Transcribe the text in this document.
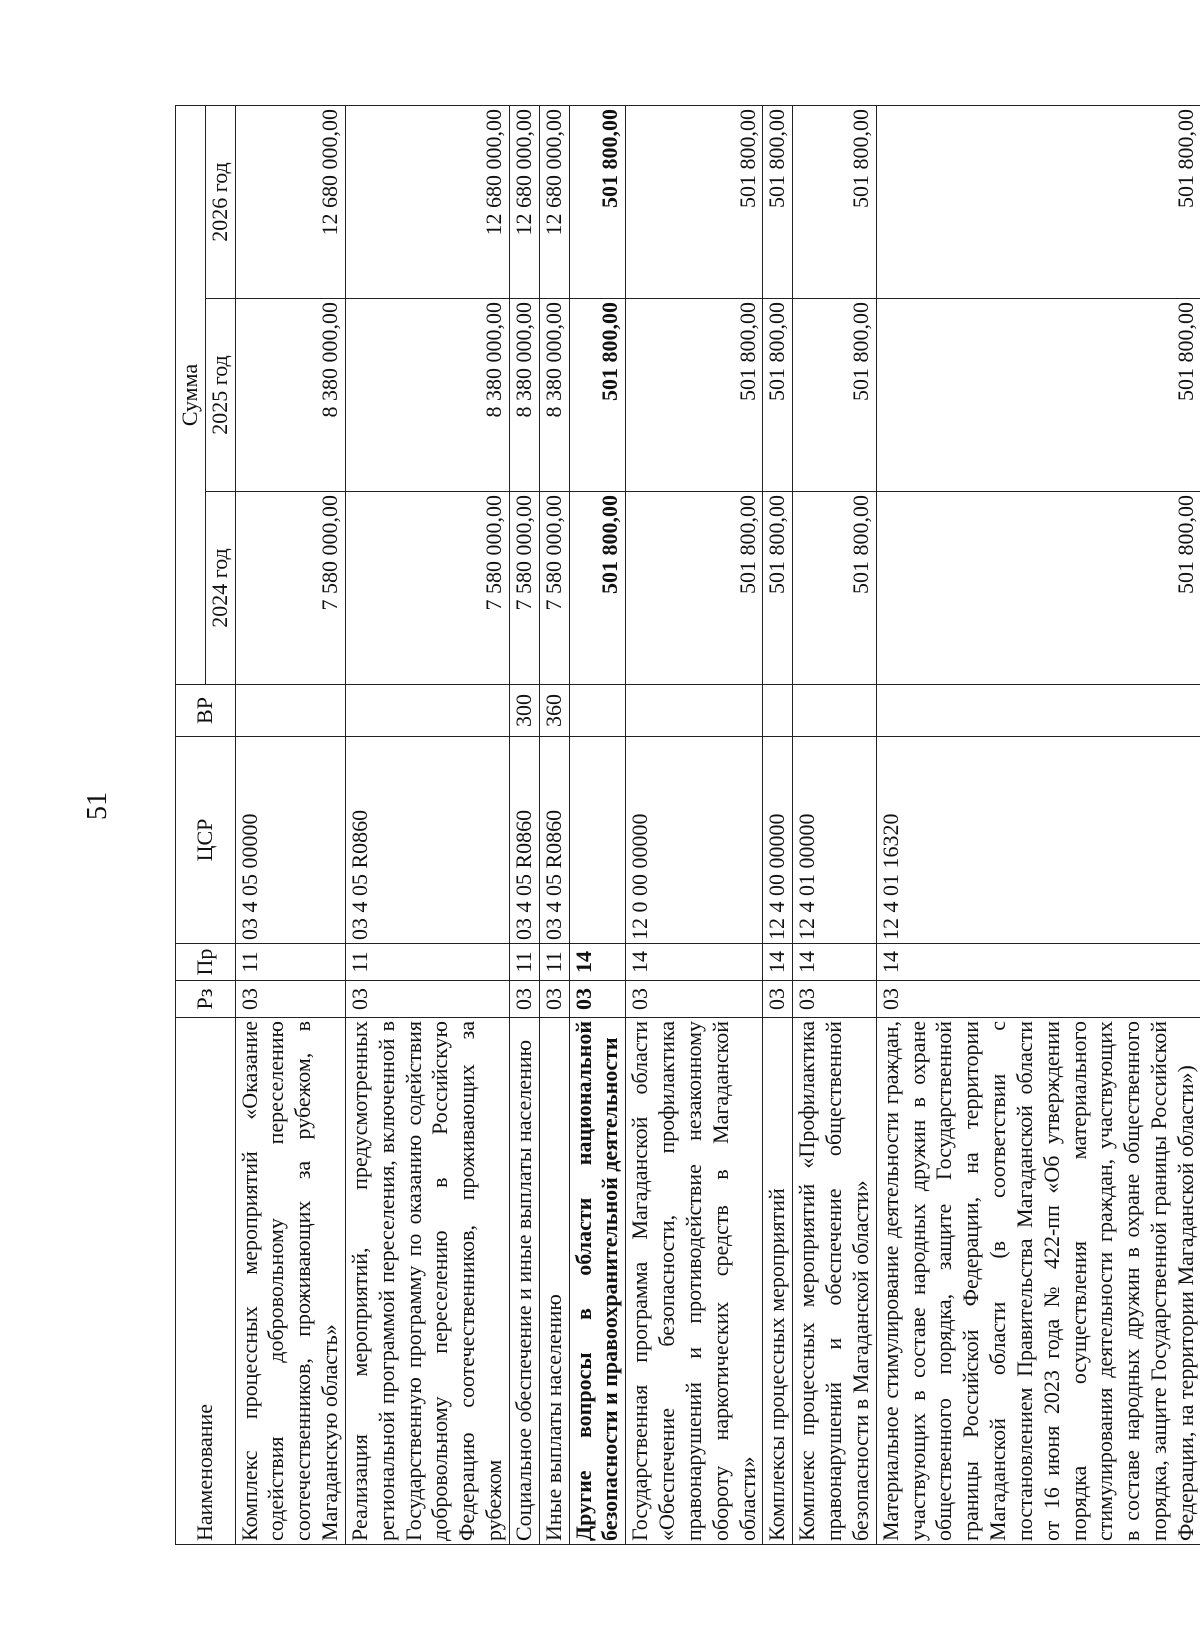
51
Наименование	Рз	Пр	ЦСР	ВР	Сумма		
					2024 год	2025 год	2026 год
Комплекс процессных мероприятий «Оказание содействия добровольному переселению соотечественников, проживающих за рубежом, в Магаданскую область»	03	11	03 4 05 00000		7 580 000,00	8 380 000,00	12 680 000,00
Реализация мероприятий, предусмотренных региональной программой переселения, включенной в Государственную программу по оказанию содействия добровольному переселению в Российскую Федерацию соотечественников, проживающих за рубежом	03	11	03 4 05 R0860		7 580 000,00	8 380 000,00	12 680 000,00
Социальное обеспечение и иные выплаты населению	03	11	03 4 05 R0860	300	7 580 000,00	8 380 000,00	12 680 000,00
Иные выплаты населению	03	11	03 4 05 R0860	360	7 580 000,00	8 380 000,00	12 680 000,00
Другие вопросы в области национальной безопасности и правоохранительной деятельности	03	14			501 800,00	501 800,00	501 800,00
Государственная программа Магаданской области «Обеспечение безопасности, профилактика правонарушений и противодействие незаконному обороту наркотических средств в Магаданской области»	03	14	12 0 00 00000		501 800,00	501 800,00	501 800,00
Комплексы процессных мероприятий	03	14	12 4 00 00000		501 800,00	501 800,00	501 800,00
Комплекс процессных мероприятий «Профилактика правонарушений и обеспечение общественной безопасности в Магаданской области»	03	14	12 4 01 00000		501 800,00	501 800,00	501 800,00
Материальное стимулирование деятельности граждан, участвующих в составе народных дружин в охране общественного порядка, защите Государственной границы Российской Федерации, на территории Магаданской области (в соответствии с постановлением Правительства Магаданской области от 16 июня 2023 года № 422-пп «Об утверждении порядка осуществления материального стимулирования деятельности граждан, участвующих в составе народных дружин в охране общественного порядка, защите Государственной границы Российской Федерации, на территории Магаданской области»)	03	14	12 4 01 16320		501 800,00	501 800,00	501 800,00
